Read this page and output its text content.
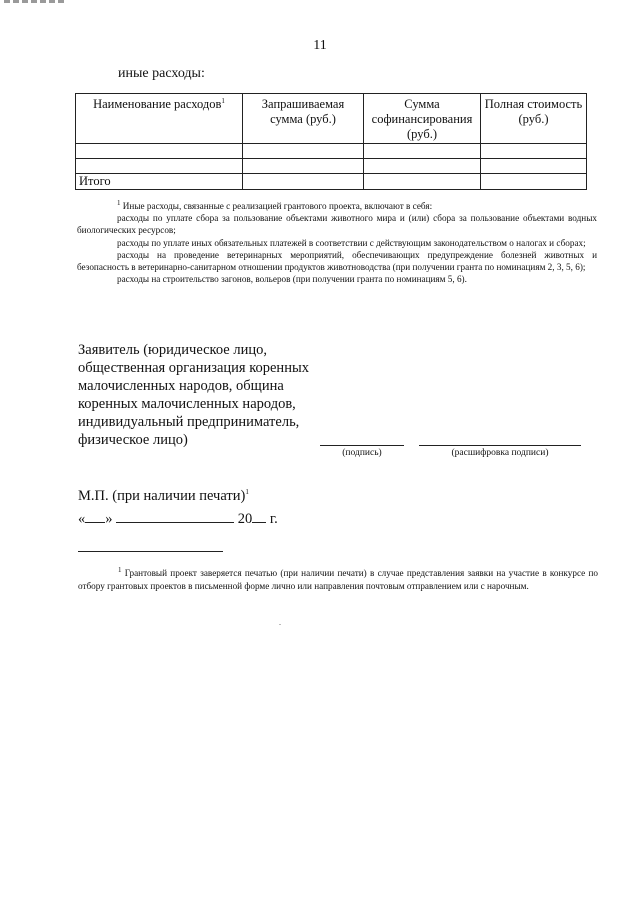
11
иные расходы:
Наименование расходов$^1$	Запрашиваемая сумма (руб.)	Сумма софинансирования (руб.)	Полная стоимость (руб.)

Итого			

$^1$ Иные расходы, связанные с реализацией грантового проекта, включают в себя:

расходы по уплате сбора за пользование объектами животного мира и (или) сбора за пользование объектами водных биологических ресурсов;

расходы по уплате иных обязательных платежей в соответствии с действующим законодательством о налогах и сборах;

расходы на проведение ветеринарных мероприятий, обеспечивающих предупреждение болезней животных и безопасность в ветеринарно-санитарном отношении продуктов животноводства (при получении гранта по номинациям 2, 3, 5, 6);

расходы на строительство загонов, вольеров (при получении гранта по номинациям 5, 6).

Заявитель (юридическое лицо,
общественная организация коренных
малочисленных народов, община
коренных малочисленных народов,
индивидуальный предприниматель,
физическое лицо)
(подпись)	(расшифровка подписи)
М.П. (при наличии печати)$^1$
« »	20 г.
$^1$ Грантовый проект заверяется печатью (при наличии печати) в случае представления заявки на участие в конкурсе по отбору грантовых проектов в письменной форме лично или направления почтовым отправлением или с нарочным.
